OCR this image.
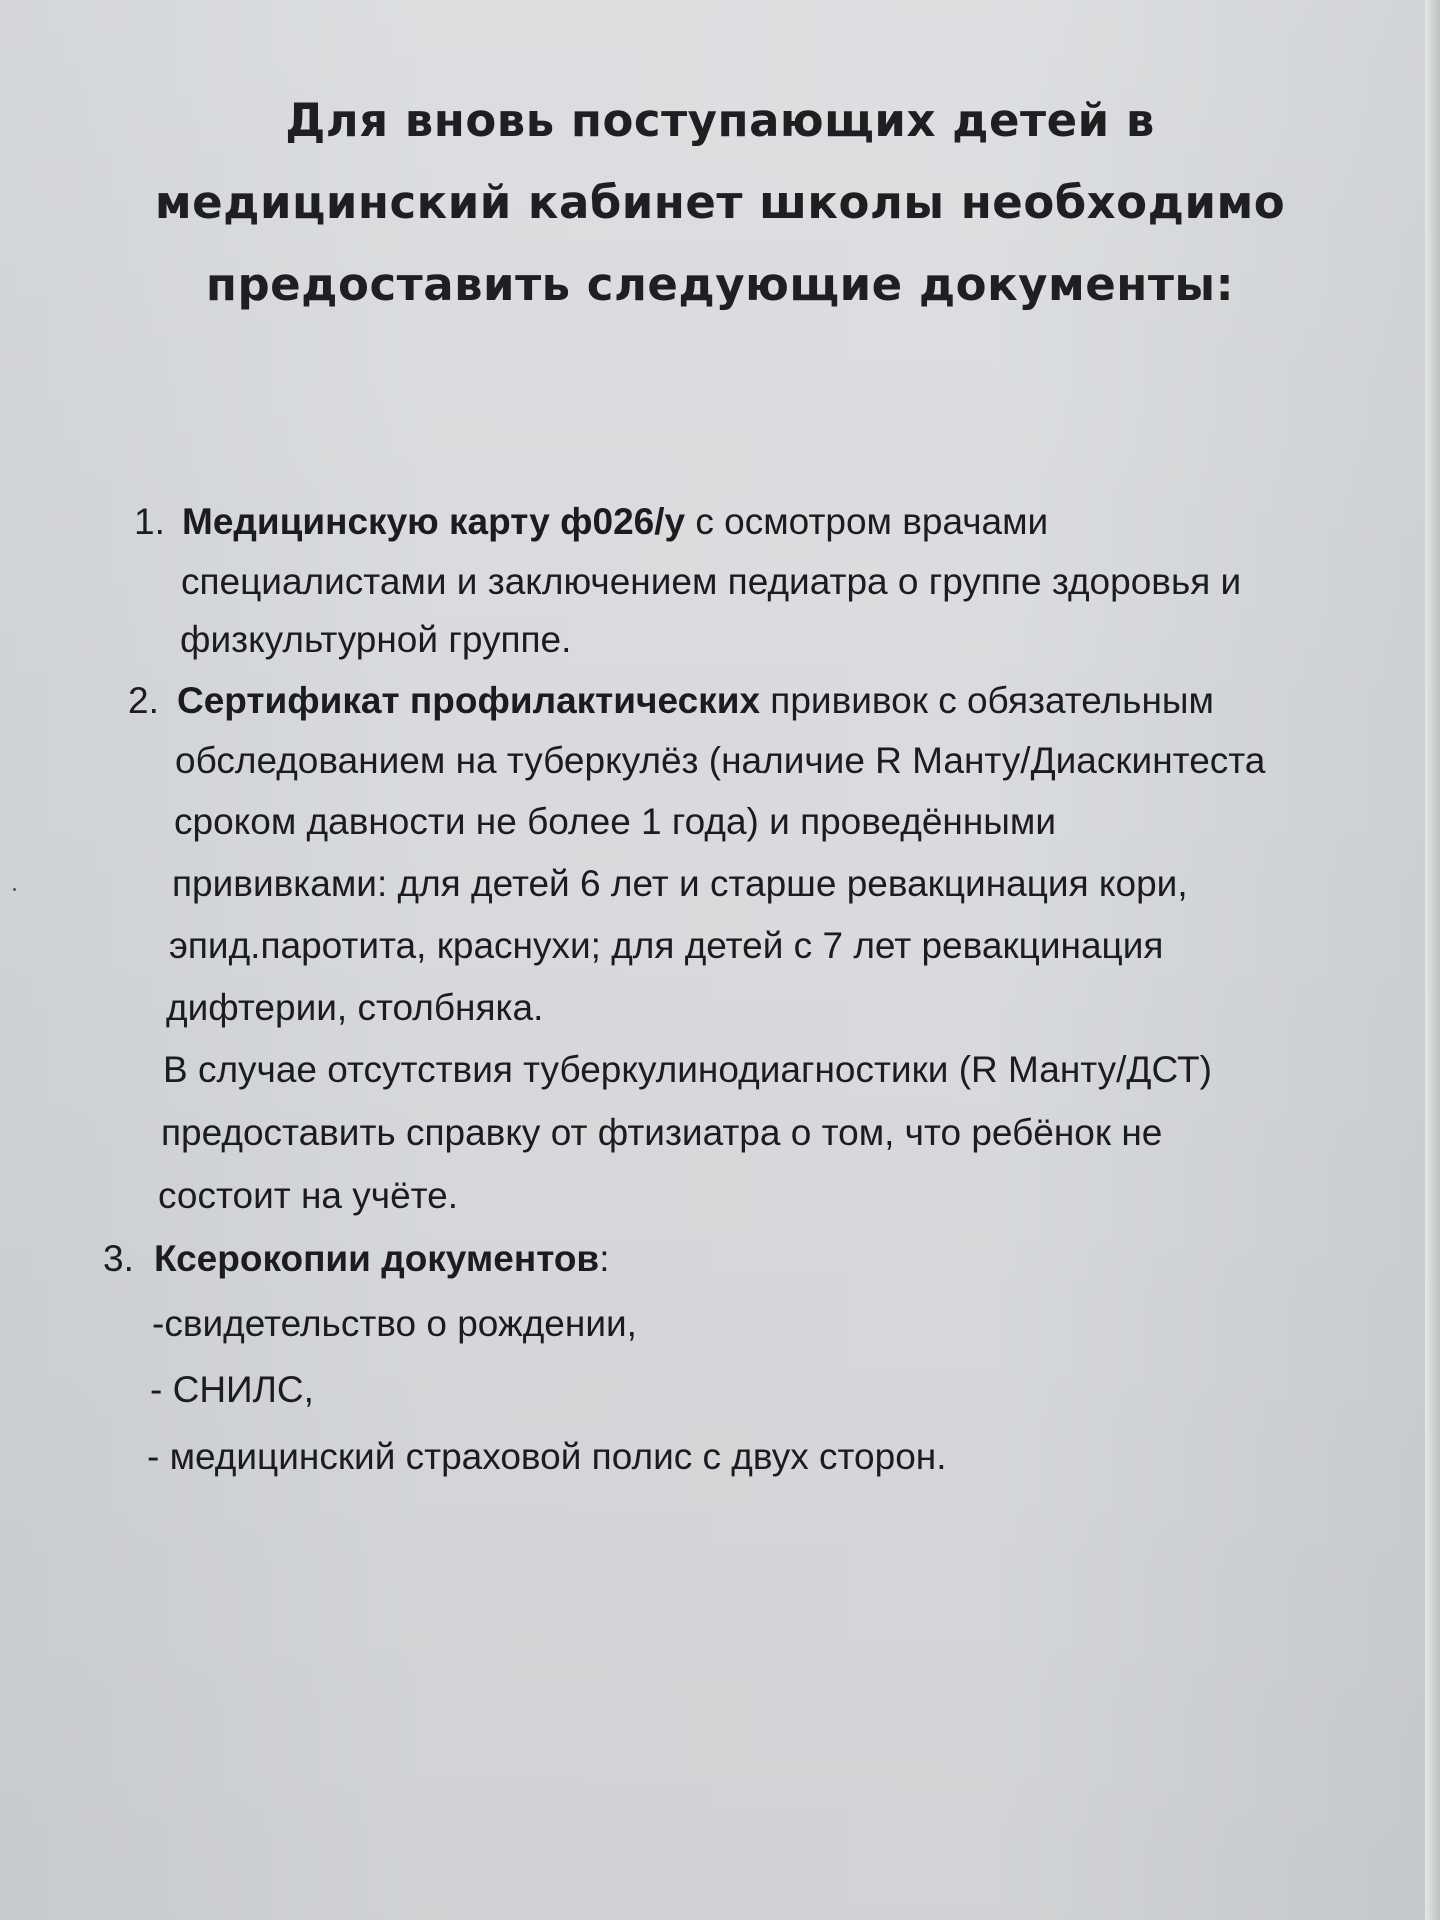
Для вновь поступающих детей в
медицинский кабинет школы необходимо
предоставить следующие документы:
1. Медицинскую карту ф026/у с осмотром врачами
специалистами и заключением педиатра о группе здоровья и
физкультурной группе.
2. Сертификат профилактических прививок с обязательным
обследованием на туберкулёз (наличие R Манту/Диаскинтеста
сроком давности не более 1 года) и проведёнными
прививками: для детей 6 лет и старше ревакцинация кори,
эпид.паротита, краснухи; для детей с 7 лет ревакцинация
дифтерии, столбняка.
В случае отсутствия туберкулинодиагностики (R Манту/ДСТ)
предоставить справку от фтизиатра о том, что ребёнок не
состоит на учёте.
3. Ксерокопии документов:
-свидетельство о рождении,
- СНИЛС,
- медицинский страховой полис с двух сторон.
